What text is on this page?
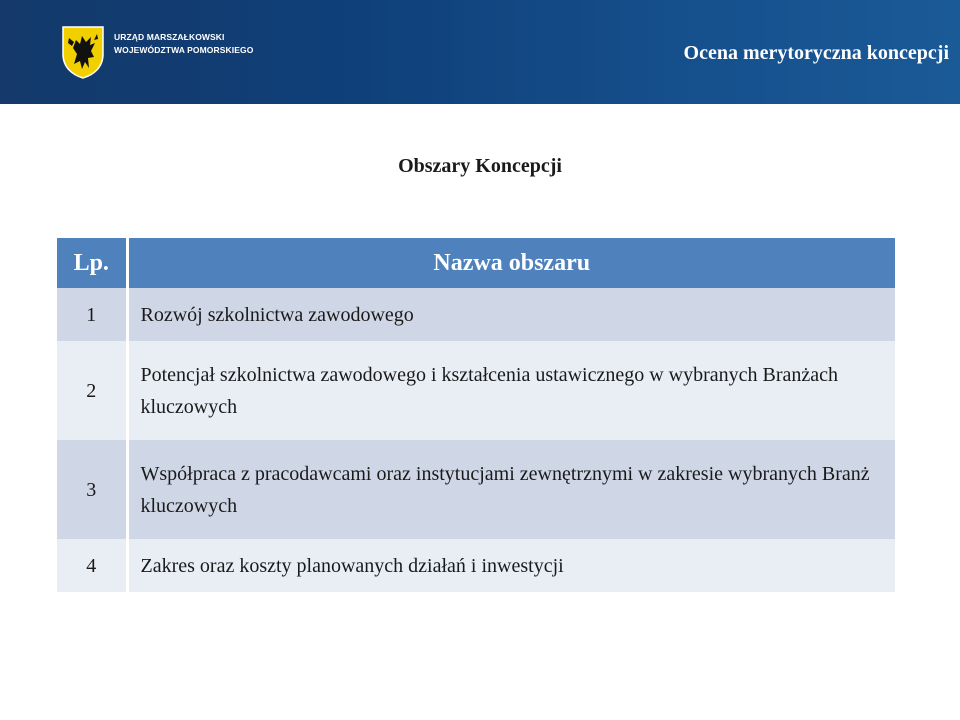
URZĄD MARSZAŁKOWSKI
WOJEWÓDZTWA POMORSKIEGO	Ocena merytoryczna koncepcji
Obszary Koncepcji
Lp.	Nazwa obszaru
1	Rozwój szkolnictwa zawodowego
2	Potencjał szkolnictwa zawodowego i kształcenia ustawicznego w wybranych Branżach kluczowych
3	Współpraca z pracodawcami oraz instytucjami zewnętrznymi w zakresie wybranych Branż kluczowych
4	Zakres oraz koszty planowanych działań i inwestycji
